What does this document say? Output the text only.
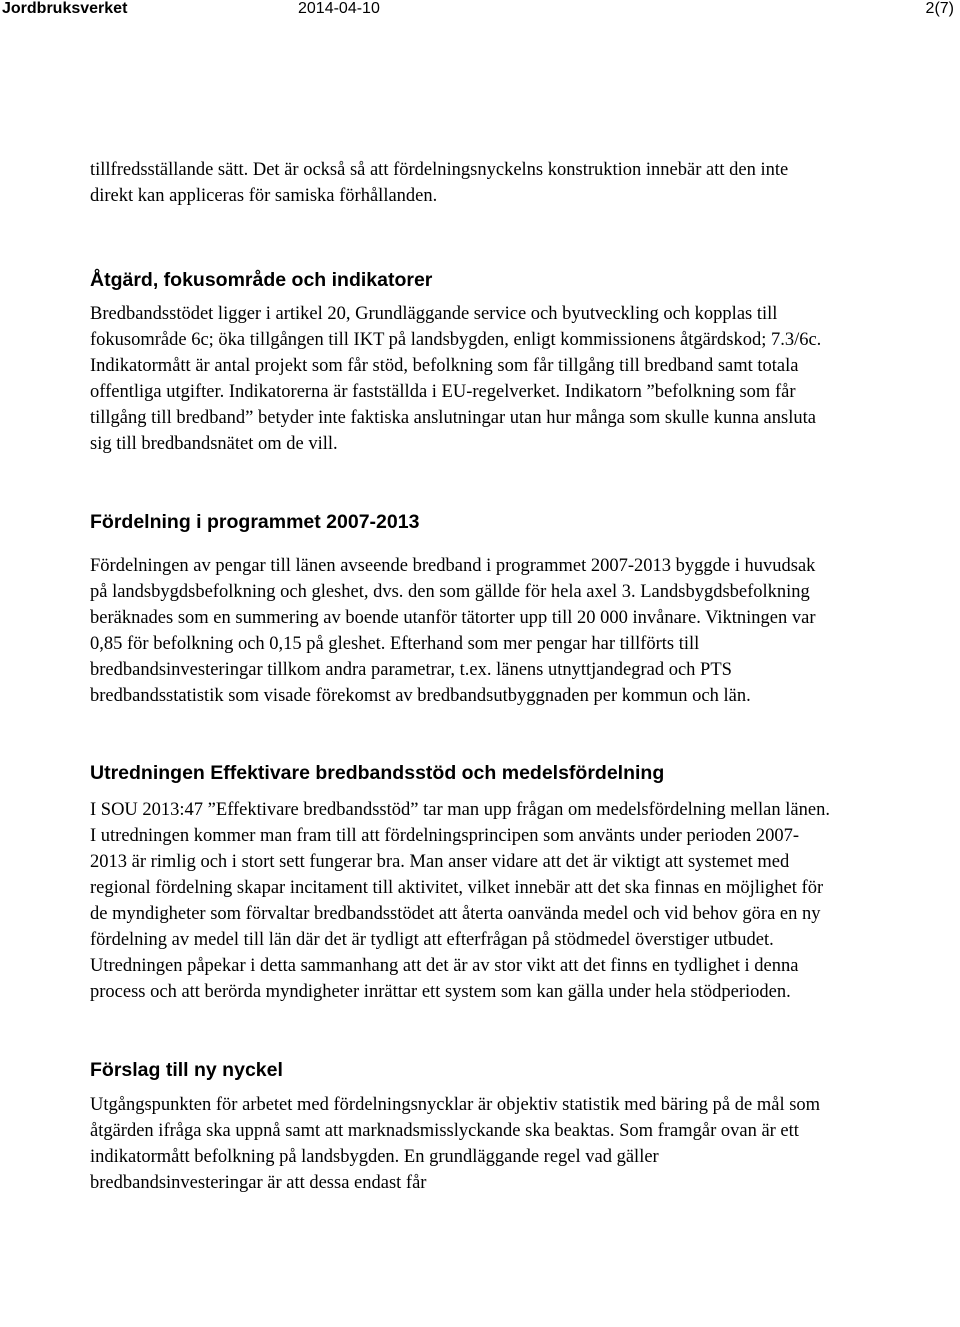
Jordbruksverket	2014-04-10	2(7)

tillfredsställande sätt. Det är också så att fördelningsnyckelns konstruktion innebär att den inte direkt kan appliceras för samiska förhållanden.

Åtgärd, fokusområde och indikatorer

Bredbandsstödet ligger i artikel 20, Grundläggande service och byutveckling och kopplas till fokusområde 6c; öka tillgången till IKT på landsbygden, enligt kommissionens åtgärdskod; 7.3/6c. Indikatormått är antal projekt som får stöd, befolkning som får tillgång till bredband samt totala offentliga utgifter. Indikatorerna är fastställda i EU-regelverket. Indikatorn ”befolkning som får tillgång till bredband” betyder inte faktiska anslutningar utan hur många som skulle kunna ansluta sig till bredbandsnätet om de vill.

Fördelning i programmet 2007-2013

Fördelningen av pengar till länen avseende bredband i programmet 2007-2013 byggde i huvudsak på landsbygdsbefolkning och gleshet, dvs. den som gällde för hela axel 3. Landsbygdsbefolkning beräknades som en summering av boende utanför tätorter upp till 20 000 invånare. Viktningen var 0,85 för befolkning och 0,15 på gleshet. Efterhand som mer pengar har tillförts till bredbandsinvesteringar tillkom andra parametrar, t.ex. länens utnyttjandegrad och PTS bredbandsstatistik som visade förekomst av bredbandsutbyggnaden per kommun och län.

Utredningen Effektivare bredbandsstöd och medelsfördelning

I SOU 2013:47 ”Effektivare bredbandsstöd” tar man upp frågan om medelsfördelning mellan länen. I utredningen kommer man fram till att fördelningsprincipen som använts under perioden 2007-2013 är rimlig och i stort sett fungerar bra. Man anser vidare att det är viktigt att systemet med regional fördelning skapar incitament till aktivitet, vilket innebär att det ska finnas en möjlighet för de myndigheter som förvaltar bredbandsstödet att återta oanvända medel och vid behov göra en ny fördelning av medel till län där det är tydligt att efterfrågan på stödmedel överstiger utbudet. Utredningen påpekar i detta sammanhang att det är av stor vikt att det finns en tydlighet i denna process och att berörda myndigheter inrättar ett system som kan gälla under hela stödperioden.

Förslag till ny nyckel

Utgångspunkten för arbetet med fördelningsnycklar är objektiv statistik med bäring på de mål som åtgärden ifråga ska uppnå samt att marknadsmisslyckande ska beaktas. Som framgår ovan är ett indikatormått befolkning på landsbygden. En grundläggande regel vad gäller bredbandsinvesteringar är att dessa endast får
